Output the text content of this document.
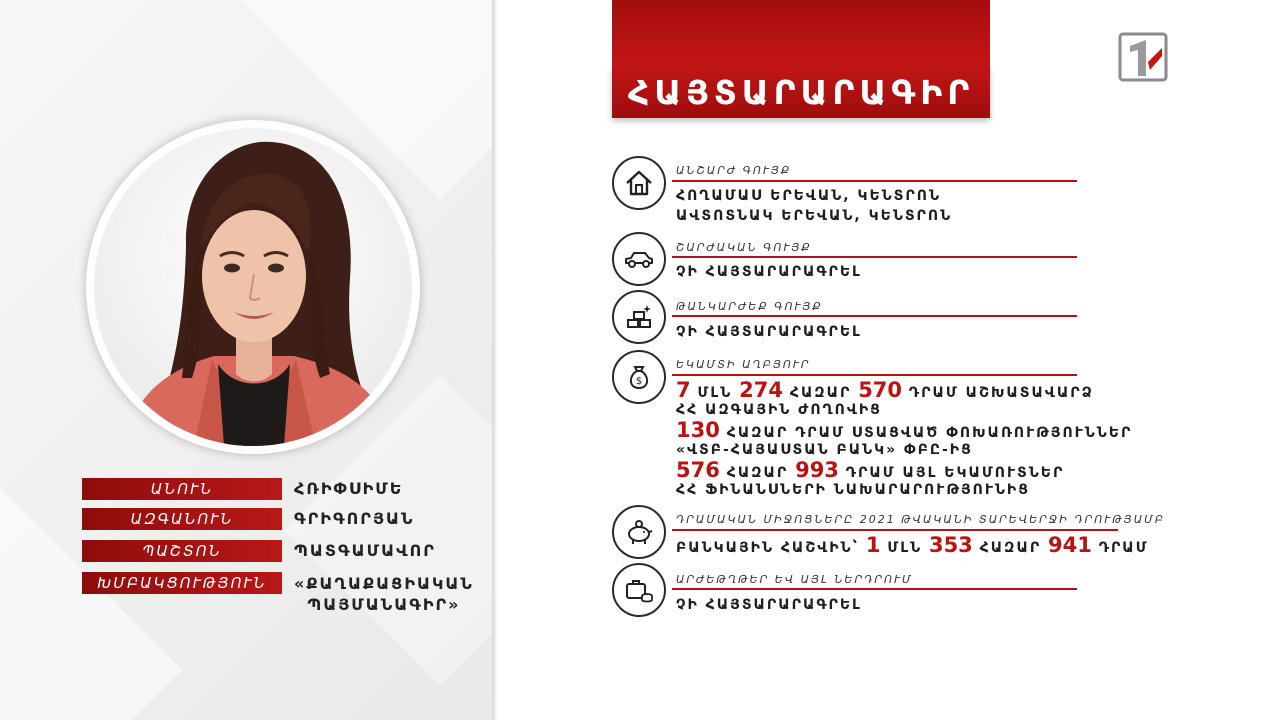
ԱՆՈՒՆ	ՀՌԻՓՍԻՄԵ
ԱԶԳԱՆՈՒՆ	ԳՐԻԳՈՐՅԱՆ
ՊԱՇՏՈՆ	ՊԱՏԳԱՄԱՎՈՐ
ԽՄԲԱԿՑՈՒԹՅՈՒՆ	«ՔԱՂԱՔԱՑԻԱԿԱՆ
ՊԱՅՄԱՆԱԳԻՐ»
ՀԱՅՏԱՐԱՐԱԳԻՐ
ԱՆՇԱՐԺ ԳՈՒՅՔ
ՀՈՂԱՄԱՍ ԵՐԵՎԱՆ, ԿԵՆՏՐՈՆ
ԱՎՏՈՏՆԱԿ ԵՐԵՎԱՆ, ԿԵՆՏՐՈՆ
ՇԱՐԺԱԿԱՆ ԳՈՒՅՔ
ՉԻ ՀԱՅՏԱՐԱՐԱԳՐԵԼ
ԹԱՆԿԱՐԺԵՔ ԳՈՒՅՔ
ՉԻ ՀԱՅՏԱՐԱՐԱԳՐԵԼ
$
ԵԿԱՄՏԻ ԱՂԲՅՈՒՐ
7 ՄԼՆ 274 ՀԱԶԱՐ 570 ԴՐԱՄ ԱՇԽԱՏԱՎԱՐՁ
ՀՀ ԱԶԳԱՅԻՆ ԺՈՂՈՎԻՑ
130 ՀԱԶԱՐ ԴՐԱՄ ՍՏԱՑՎԱԾ ՓՈԽԱՌՈՒԹՅՈՒՆՆԵՐ
«ՎՏԲ-ՀԱՅԱՍՏԱՆ ԲԱՆԿ» ՓԲԸ-ԻՑ
576 ՀԱԶԱՐ 993 ԴՐԱՄ ԱՅԼ ԵԿԱՄՈՒՏՆԵՐ
ՀՀ ՖԻՆԱՆՍՆԵՐԻ ՆԱԽԱՐԱՐՈՒԹՅՈՒՆԻՑ
ԴՐԱՄԱԿԱՆ ՄԻՋՈՑՆԵՐԸ 2021 ԹՎԱԿԱՆԻ ՏԱՐԵՎԵՐՋԻ ԴՐՈՒԹՅԱՄԲ
ԲԱՆԿԱՅԻՆ ՀԱՇՎԻՆ՝ 1 ՄԼՆ 353 ՀԱԶԱՐ 941 ԴՐԱՄ
ԱՐԺԵԹՂԹԵՐ ԵՎ ԱՅԼ ՆԵՐԴՐՈՒՄ
ՉԻ ՀԱՅՏԱՐԱՐԱԳՐԵԼ
